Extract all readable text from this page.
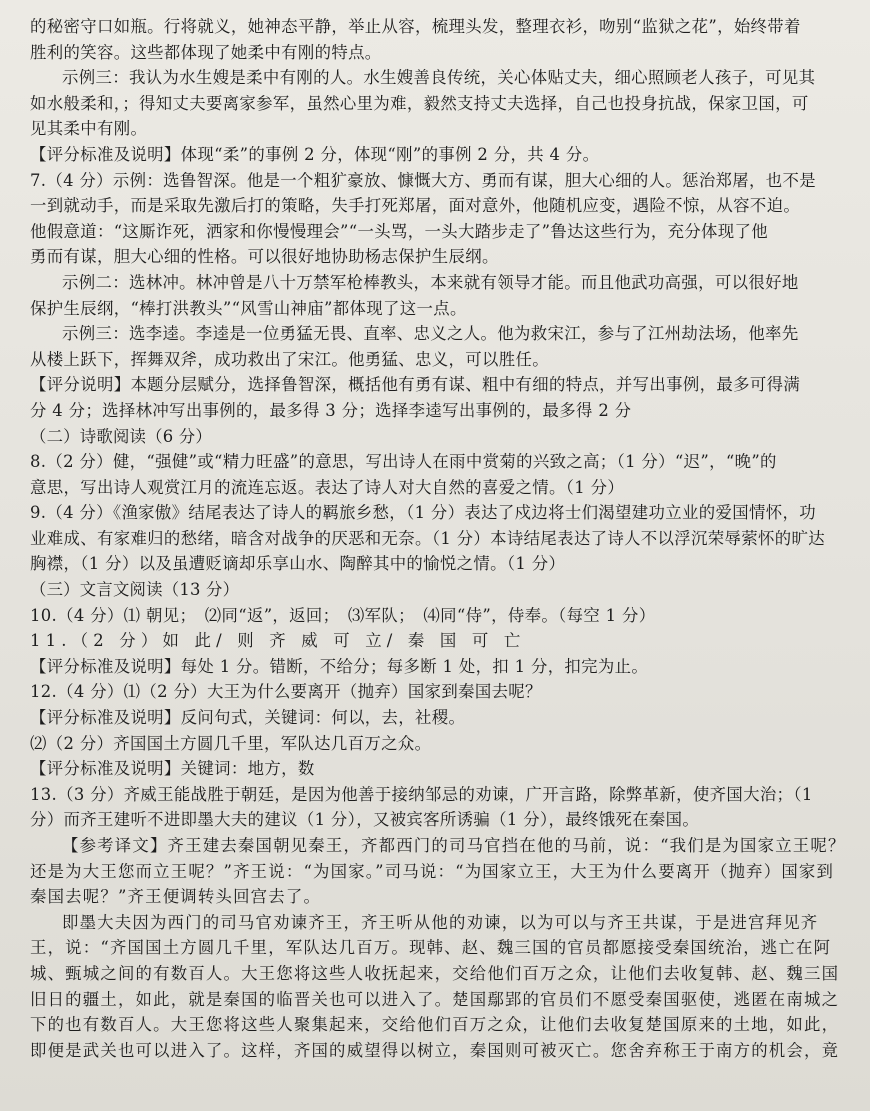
的秘密守口如瓶。行将就义，她神态平静，举止从容，梳理头发，整理衣衫，吻别“监狱之花”，始终带着
胜利的笑容。这些都体现了她柔中有刚的特点。
示例三：我认为水生嫂是柔中有刚的人。水生嫂善良传统，关心体贴丈夫，细心照顾老人孩子，可见其
如水般柔和，；得知丈夫要离家参军，虽然心里为难，毅然支持丈夫选择，自己也投身抗战，保家卫国，可
见其柔中有刚。
【评分标准及说明】体现“柔”的事例 2 分，体现“刚”的事例 2 分，共 4 分。
7.（4 分）示例：选鲁智深。他是一个粗犷豪放、慷慨大方、勇而有谋，胆大心细的人。惩治郑屠，也不是
一到就动手，而是采取先激后打的策略，失手打死郑屠，面对意外，他随机应变，遇险不惊，从容不迫。
他假意道：“这厮诈死，洒家和你慢慢理会”“一头骂，一头大踏步走了”鲁达这些行为，充分体现了他
勇而有谋，胆大心细的性格。可以很好地协助杨志保护生辰纲。
示例二：选林冲。林冲曾是八十万禁军枪棒教头，本来就有领导才能。而且他武功高强，可以很好地
保护生辰纲，“棒打洪教头”“风雪山神庙”都体现了这一点。
示例三：选李逵。李逵是一位勇猛无畏、直率、忠义之人。他为救宋江，参与了江州劫法场，他率先
从楼上跃下，挥舞双斧，成功救出了宋江。他勇猛、忠义，可以胜任。
【评分说明】本题分层赋分，选择鲁智深，概括他有勇有谋、粗中有细的特点，并写出事例，最多可得满
分 4 分；选择林冲写出事例的，最多得 3 分；选择李逵写出事例的，最多得 2 分
（二）诗歌阅读（6 分）
8.（2 分）健，“强健”或“精力旺盛”的意思，写出诗人在雨中赏菊的兴致之高；（1 分）“迟”，“晚”的
意思，写出诗人观赏江月的流连忘返。表达了诗人对大自然的喜爱之情。（1 分）
9.（4 分）《渔家傲》结尾表达了诗人的羁旅乡愁，（1 分）表达了戍边将士们渴望建功立业的爱国情怀，功
业难成、有家难归的愁绪，暗含对战争的厌恶和无奈。（1 分）本诗结尾表达了诗人不以浮沉荣辱萦怀的旷达
胸襟，（1 分）以及虽遭贬谪却乐享山水、陶醉其中的愉悦之情。（1 分）
（三）文言文阅读（13 分）
10.（4 分）⑴ 朝见；　⑵同“返”，返回；　⑶军队；　⑷同“侍”，侍奉。（每空 1 分）
11.（2 分）如 此/ 则 齐 威 可 立/ 秦 国 可 亡
【评分标准及说明】每处 1 分。错断，不给分；每多断 1 处，扣 1 分，扣完为止。
12.（4 分）⑴（2 分）大王为什么要离开（抛弃）国家到秦国去呢？
【评分标准及说明】反问句式，关键词：何以，去，社稷。
⑵（2 分）齐国国土方圆几千里，军队达几百万之众。
【评分标准及说明】关键词：地方，数
13.（3 分）齐威王能战胜于朝廷，是因为他善于接纳邹忌的劝谏，广开言路，除弊革新，使齐国大治；（1
分）而齐王建听不进即墨大夫的建议（1 分），又被宾客所诱骗（1 分），最终饿死在秦国。
【参考译文】齐王建去秦国朝见秦王，齐都西门的司马官挡在他的马前，说：“我们是为国家立王呢？
还是为大王您而立王呢？”齐王说：“为国家。”司马说：“为国家立王，大王为什么要离开（抛弃）国家到
秦国去呢？”齐王便调转头回宫去了。
即墨大夫因为西门的司马官劝谏齐王，齐王听从他的劝谏，以为可以与齐王共谋，于是进宫拜见齐
王，说：“齐国国土方圆几千里，军队达几百万。现韩、赵、魏三国的官员都愿接受秦国统治，逃亡在阿
城、甄城之间的有数百人。大王您将这些人收抚起来，交给他们百万之众，让他们去收复韩、赵、魏三国
旧日的疆土，如此，就是秦国的临晋关也可以进入了。楚国鄢郢的官员们不愿受秦国驱使，逃匿在南城之
下的也有数百人。大王您将这些人聚集起来，交给他们百万之众，让他们去收复楚国原来的土地，如此，
即便是武关也可以进入了。这样，齐国的威望得以树立，秦国则可被灭亡。您舍弃称王于南方的机会，竟
